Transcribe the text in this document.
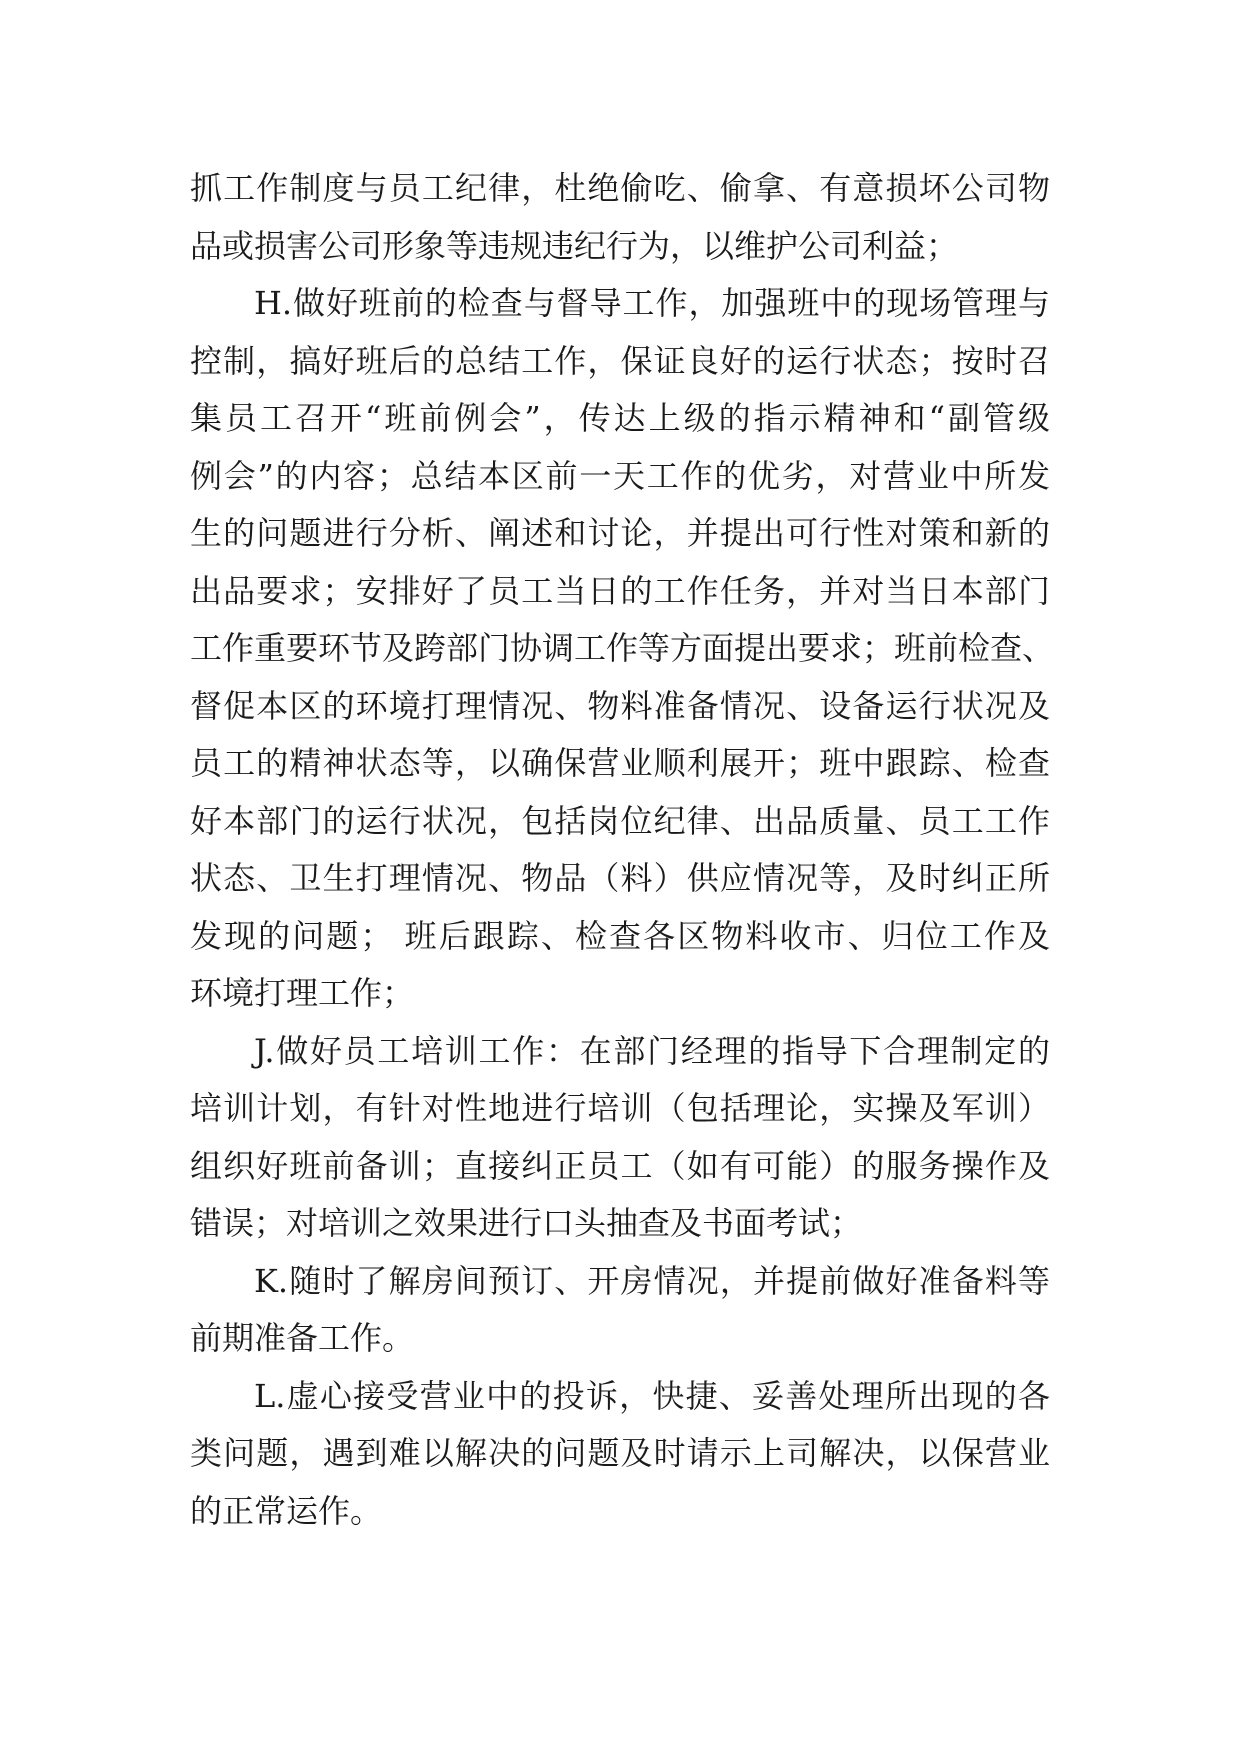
抓工作制度与员工纪律，杜绝偷吃、偷拿、有意损坏公司物
品或损害公司形象等违规违纪行为，以维护公司利益；
H.做好班前的检查与督导工作，加强班中的现场管理与
控制，搞好班后的总结工作，保证良好的运行状态；按时召
集员工召开“班前例会”，传达上级的指示精神和“副管级
例会”的内容；总结本区前一天工作的优劣，对营业中所发
生的问题进行分析、阐述和讨论，并提出可行性对策和新的
出品要求；安排好了员工当日的工作任务，并对当日本部门
工作重要环节及跨部门协调工作等方面提出要求；班前检查、
督促本区的环境打理情况、物料准备情况、设备运行状况及
员工的精神状态等，以确保营业顺利展开；班中跟踪、检查
好本部门的运行状况，包括岗位纪律、出品质量、员工工作
状态、卫生打理情况、物品（料）供应情况等，及时纠正所
发现的问题； 班后跟踪、检查各区物料收市、归位工作及
环境打理工作；
J.做好员工培训工作：在部门经理的指导下合理制定的
培训计划，有针对性地进行培训（包括理论，实操及军训）
组织好班前备训；直接纠正员工（如有可能）的服务操作及
错误；对培训之效果进行口头抽查及书面考试；
K.随时了解房间预订、开房情况，并提前做好准备料等
前期准备工作。
L.虚心接受营业中的投诉，快捷、妥善处理所出现的各
类问题，遇到难以解决的问题及时请示上司解决，以保营业
的正常运作。
